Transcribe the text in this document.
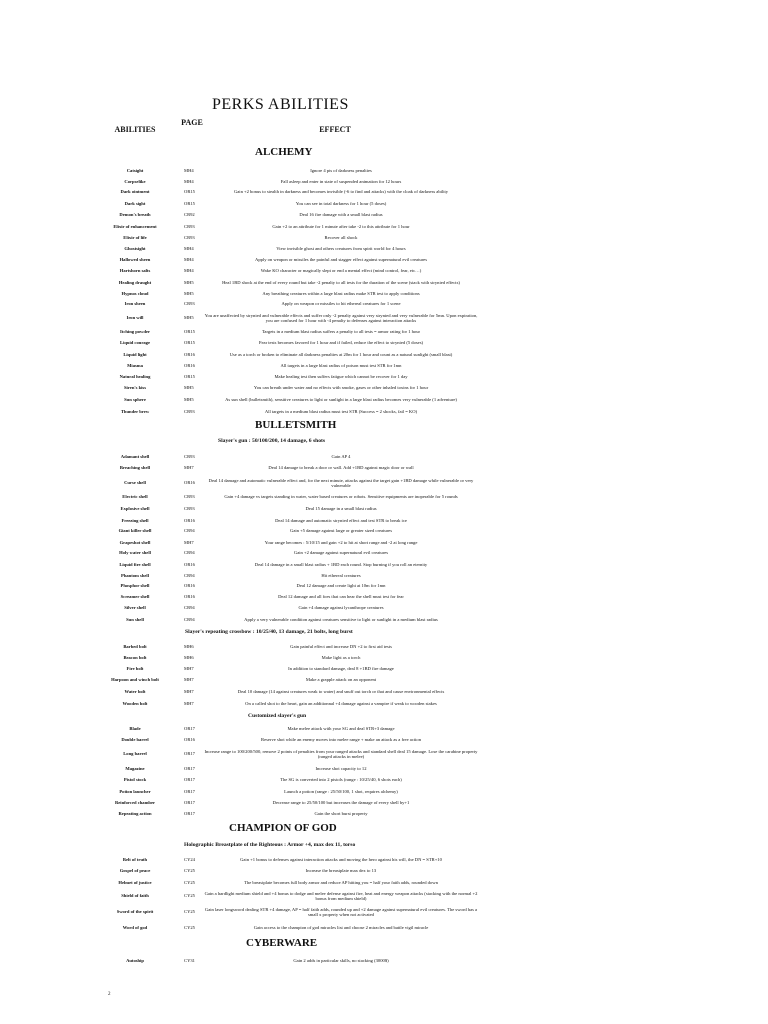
PERKS ABILITIES
ABILITIES
PAGE
EFFECT
ALCHEMY
Catsight	MH4	Ignore 4 pts of darkness penalties
Corpselike	MH4	Fall asleep and enter in state of suspended animation for 12 hours
Dark ointment	OR15	Gain +2 bonus to stealth in darkness and becomes invisible (-6 to find and attacks) with the cloak of darkness ability
Dark sight	OR15	You can see in total darkness for 1 hour (5 doses)
Demon's breath	CR92	Deal 16 fire damage with a small blast radius
Elixir of enhancement	CR93	Gain +2 to an attribute for 1 minute after take -2 to this attribute for 1 hour
Elixir of life	CR93	Recover all shock
Ghostsight	MH4	View invisible ghost and others creatures from spirit world for 4 hours
Hallowed sheen	MH4	Apply on weapon or missiles the painful and stagger effect against supernatural evil creatures
Hartshorn salts	MH4	Wake KO character or magically slept or end a mental effect (mind control, fear, etc…)
Healing draught	MH5	Heal 1BD shock at the end of every round but take -2 penalty to all tests for the duration of the scene (stack with strynied effects)
Hypnos cloud	MH5	Any breathing creatures within a large blast radius make STR test to apply conditions
Iron sheen	CR93	Apply on weapon or missiles to hit ethereal creatures for 1 scene
Iron will	MH5	You are unaffected by strynied and vulnerable effects and suffer only -2 penalty against very strynied and very vulnerable for 5mn. Upon expiration, you are confused for 1 hour with -4 penalty to defenses against interaction attacks
Itching powder	OR15	Targets in a medium blast radius suffers a penalty to all tests = armor rating for 1 hour
Liquid courage	OR15	Fear tests becomes favored for 1 hour and if failed, reduce the effect to strynied (5 doses)
Liquid light	OR16	Use as a torch or broken to eliminate all darkness penalties at 20m for 1 hour and count as a natural sunlight (small blast)
Miasma	OR16	All targets in a large blast radius of poison must test STR for 1mn
Natural healing	OR15	Make healing test then suffers fatigue which cannot be recover for 1 day
Siren's kiss	MH5	You can breath under water and no effects with smoke, gases or other inhaled toxins for 1 hour
Sun sphere	MH5	As sun shell (bulletsmith), sensitive creatures to light or sunlight in a large blast radius becomes very vulnerable (1 adventure)
Thunder brew	CR93	All targets in a medium blast radius must test STR (Success = 2 shocks, fail = KO)
BULLETSMITH
Slayer's gun : 50/100/200, 14 damage, 6 shots
Adamant shell	CR93	Gain AP 4
Breaching shell	MH7	Deal 14 damage to break a door or wall. Add +1BD against magic door or wall
Curse shell	OR16	Deal 14 damage and automatic vulnerable effect and, for the next minute, attacks against the target gain +1BD damage while vulnerable or very vulnerable
Electric shell	CR93	Gain +4 damage vs targets standing in water, water based creatures or robots. Sensitive equipments are inoperable for 5 rounds
Explosive shell	CR93	Deal 15 damage in a small blast radius
Freezing shell	OR16	Deal 14 damage and automatic strynied effect and test STR to break ice
Giant killer shell	CR94	Gain +5 damage against large or greater sized creatures
Grapeshot shell	MH7	Your range becomes : 5/10/15 and gain +2 to hit at short range and -2 at long range
Holy water shell	CR94	Gain +2 damage against supernatural evil creatures
Liquid fire shell	OR16	Deal 14 damage in a small blast radius + 1BD each round. Stop burning if you roll an eternity
Phantom shell	CR94	Hit ethereal creatures
Phosphor shell	OR16	Deal 12 damage and create light at 10m for 1mn
Screamer shell	OR16	Deal 12 damage and all foes that can hear the shell must test for fear
Silver shell	CR94	Gain +4 damage against lycanthrope creatures
Sun shell	CR94	Apply a very vulnerable condition against creatures sensitive to light or sunlight in a medium blast radius
Slayer's repeating crossbow : 10/25/40, 13 damage, 21 bolts, long burst
Barbed bolt	MH6	Gain painful effect and increase DN +2 to first aid tests
Beacon bolt	MH6	Make light as a torch
Fire bolt	MH7	In addition to standard damage, deal 8 +1BD fire damage
Harpoon and winch bolt	MH7	Make a grapple attack on an opponent
Water bolt	MH7	Deal 10 damage (14 against creatures weak to water) and snuff out torch or that and cause environmental effects
Wooden bolt	MH7	On a called shot to the heart, gain an additionnal +4 damage against a vampire if weak to wooden stakes
Customized slayer's gun
Blade	OR17	Make melee attack with your SG and deal STR+3 damage
Double barrel	OR16	Reserve shot while an enemy moves into melee range + make an attack as a free action
Long barrel	OR17	Increase range to 100/200/500, remove 2 points of penalties from your ranged attacks and standard shell deal 15 damage. Lose the carabine property (ranged attacks in melee)
Magazine	OR17	Increase shot capacity to 12
Pistol stock	OR17	The SG is converted into 2 pistols (range : 10/25/40, 6 shots each)
Potion launcher	OR17	Launch a potion (range : 25/50/100, 1 shot, requires alchemy)
Reinforced chamber	OR17	Decrease range to 25/50/100 but increases the damage of every shell by+1
Repeating action	OR17	Gain the short burst property
CHAMPION OF GOD
Holographic Breastplate of the Righteous : Armor +4, max dex 11, torso
Belt of truth	CY24	Gain +1 bonus to defenses against interaction attacks and moving the hero against his will, the DN = STR+10
Gospel of peace	CY25	Increase the breastplate max dex to 13
Helmet of justice	CY25	The breastplate becomes full body armor and reduce AP hitting you = half your faith adds, rounded down
Shield of faith	CY25	Gain a hardlight medium shield and +4 bonus to dodge and melee defense against fire, heat and energy weapon attacks (stacking with the normal +2 bonus from medium shield)
Sword of the spirit	CY25	Gain laser longsword dealing STR +4 damage, AP = half faith adds, rounded up and +2 damage against supernatural evil creatures. The sword has a small x property when not activated
Word of god	CY25	Gain access to the champion of god miracles list and choose 2 miracles and battle vigil miracle
CYBERWARE
Autoship	CY31	Gain 2 adds in particular skills, no stacking (3000$)
2
